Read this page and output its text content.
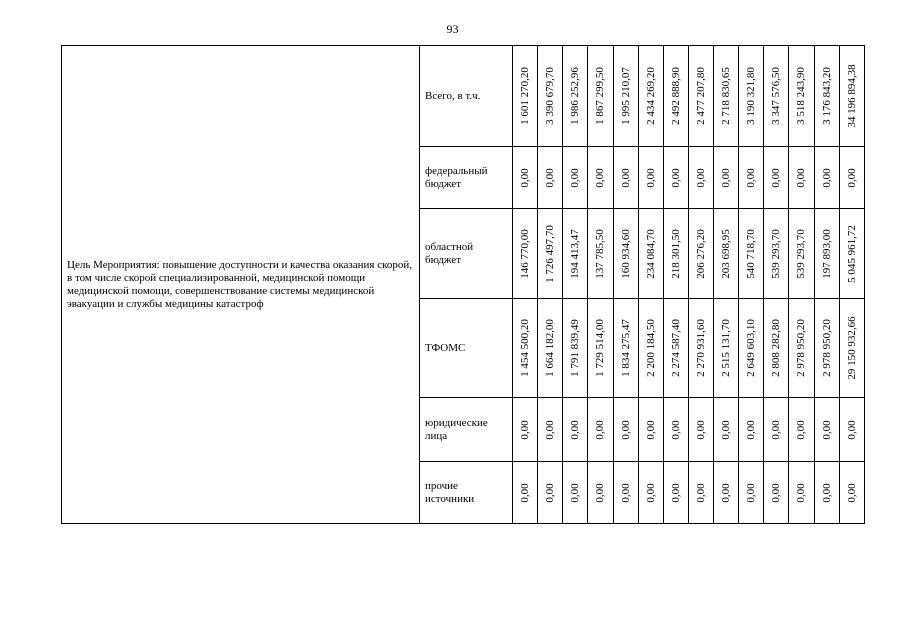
93
Цель Мероприятия: повышение доступности и качества оказания скорой, в том числе скорой специализированной, медицинской помощи медицинской помощи, совершенствование системы медицинской эвакуации и службы медицины катастроф	Всего, в т.ч.	1 601 270,20	3 390 679,70	1 986 252,96	1 867 299,50	1 995 210,07	2 434 269,20	2 492 888,90	2 477 207,80	2 718 830,65	3 190 321,80	3 347 576,50	3 518 243,90	3 176 843,20	34 196 894,38

	федеральный бюджет	0,00	0,00	0,00	0,00	0,00	0,00	0,00	0,00	0,00	0,00	0,00	0,00	0,00	0,00

	областной бюджет	146 770,00	1 726 497,70	194 413,47	137 785,50	160 934,60	234 084,70	218 301,50	206 276,20	203 698,95	540 718,70	539 293,70	539 293,70	197 893,00	5 045 961,72

	ТФОМС	1 454 500,20	1 664 182,00	1 791 839,49	1 729 514,00	1 834 275,47	2 200 184,50	2 274 587,40	2 270 931,60	2 515 131,70	2 649 603,10	2 808 282,80	2 978 950,20	2 978 950,20	29 150 932,66

	юридические лица	0,00	0,00	0,00	0,00	0,00	0,00	0,00	0,00	0,00	0,00	0,00	0,00	0,00	0,00

	прочие источники	0,00	0,00	0,00	0,00	0,00	0,00	0,00	0,00	0,00	0,00	0,00	0,00	0,00	0,00
